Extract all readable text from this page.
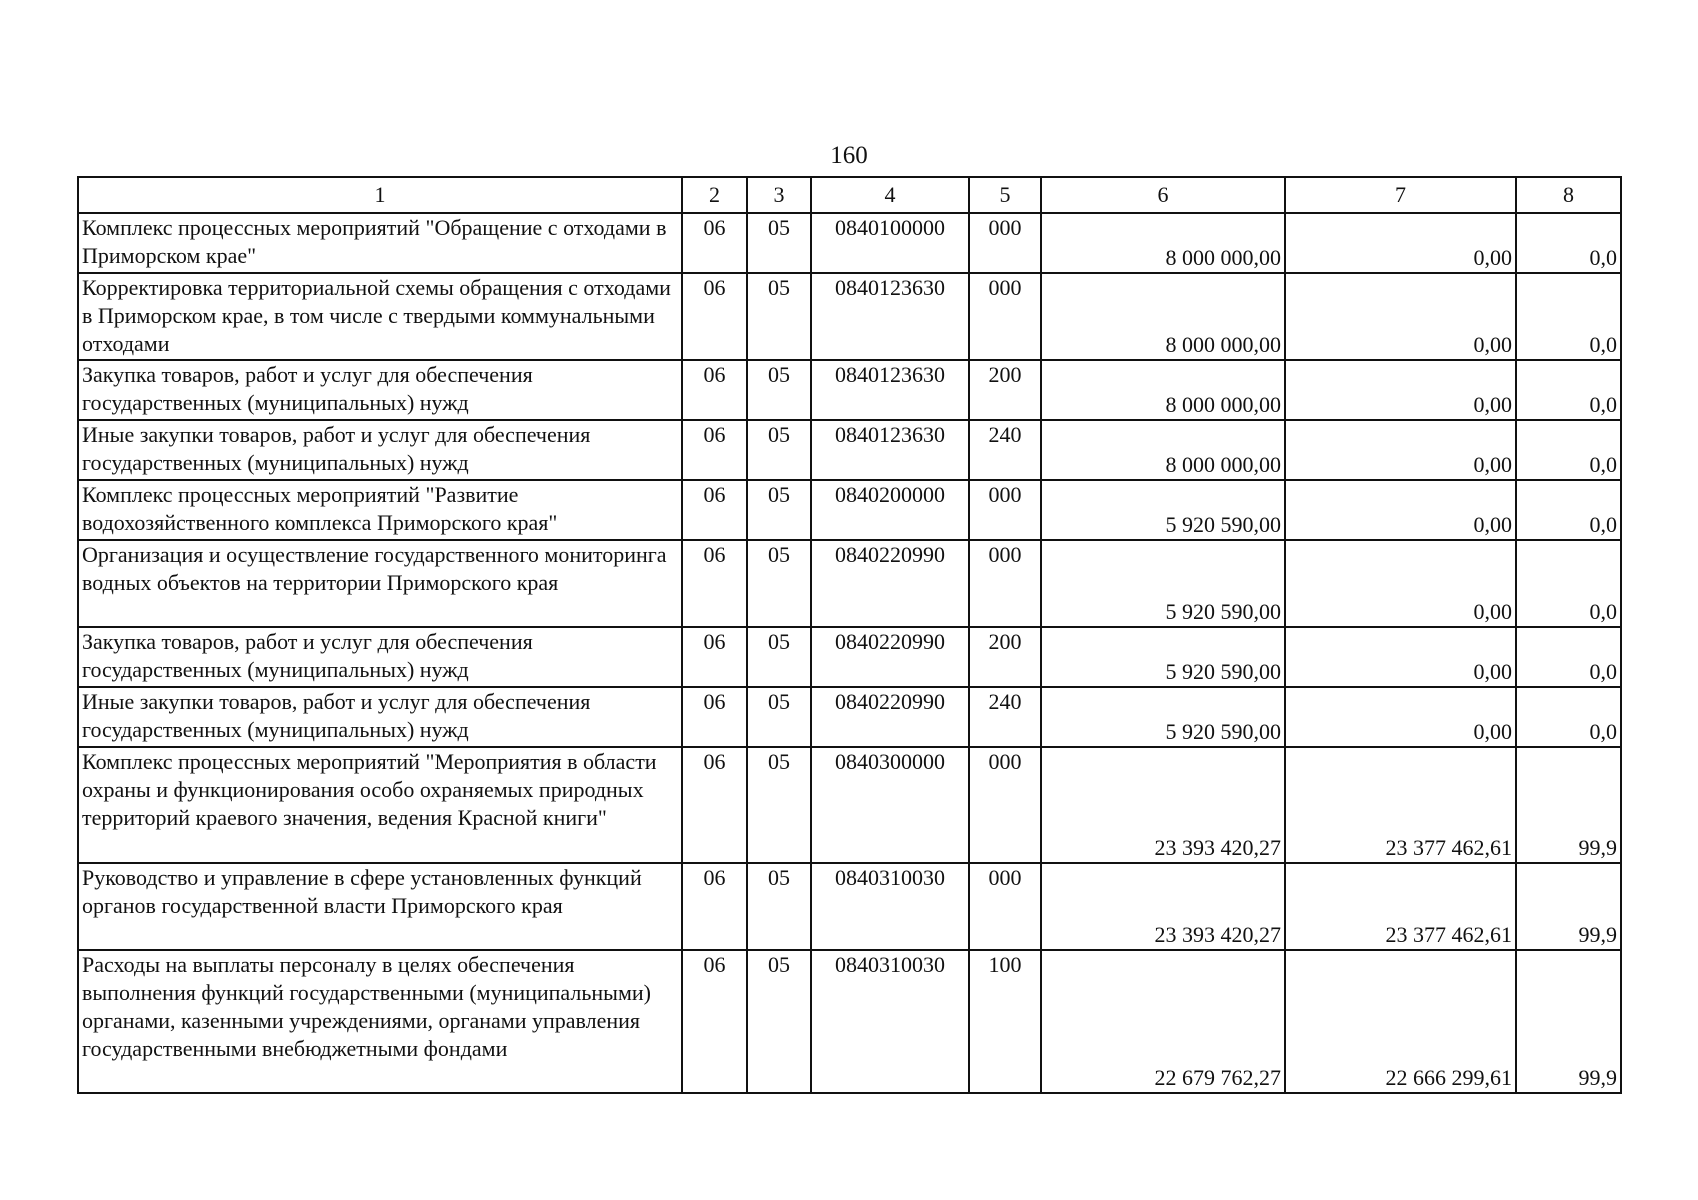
160
1	2	3	4	5	6	7	8
Комплекс процессных мероприятий "Обращение с отходами в Приморском крае"	06	05	0840100000	000	8 000 000,00	0,00	0,0
Корректировка территориальной схемы обращения с отходами в Приморском крае, в том числе с твердыми коммунальными отходами	06	05	0840123630	000	8 000 000,00	0,00	0,0
Закупка товаров, работ и услуг для обеспечения государственных (муниципальных) нужд	06	05	0840123630	200	8 000 000,00	0,00	0,0
Иные закупки товаров, работ и услуг для обеспечения государственных (муниципальных) нужд	06	05	0840123630	240	8 000 000,00	0,00	0,0
Комплекс процессных мероприятий "Развитие водохозяйственного комплекса Приморского края"	06	05	0840200000	000	5 920 590,00	0,00	0,0
Организация и осуществление государственного мониторинга водных объектов на территории Приморского края	06	05	0840220990	000	5 920 590,00	0,00	0,0
Закупка товаров, работ и услуг для обеспечения государственных (муниципальных) нужд	06	05	0840220990	200	5 920 590,00	0,00	0,0
Иные закупки товаров, работ и услуг для обеспечения государственных (муниципальных) нужд	06	05	0840220990	240	5 920 590,00	0,00	0,0
Комплекс процессных мероприятий "Мероприятия в области охраны и функционирования особо охраняемых природных территорий краевого значения, ведения Красной книги"	06	05	0840300000	000	23 393 420,27	23 377 462,61	99,9
Руководство и управление в сфере установленных функций органов государственной власти Приморского края	06	05	0840310030	000	23 393 420,27	23 377 462,61	99,9
Расходы на выплаты персоналу в целях обеспечения выполнения функций государственными (муниципальными) органами, казенными учреждениями, органами управления государственными внебюджетными фондами	06	05	0840310030	100	22 679 762,27	22 666 299,61	99,9
